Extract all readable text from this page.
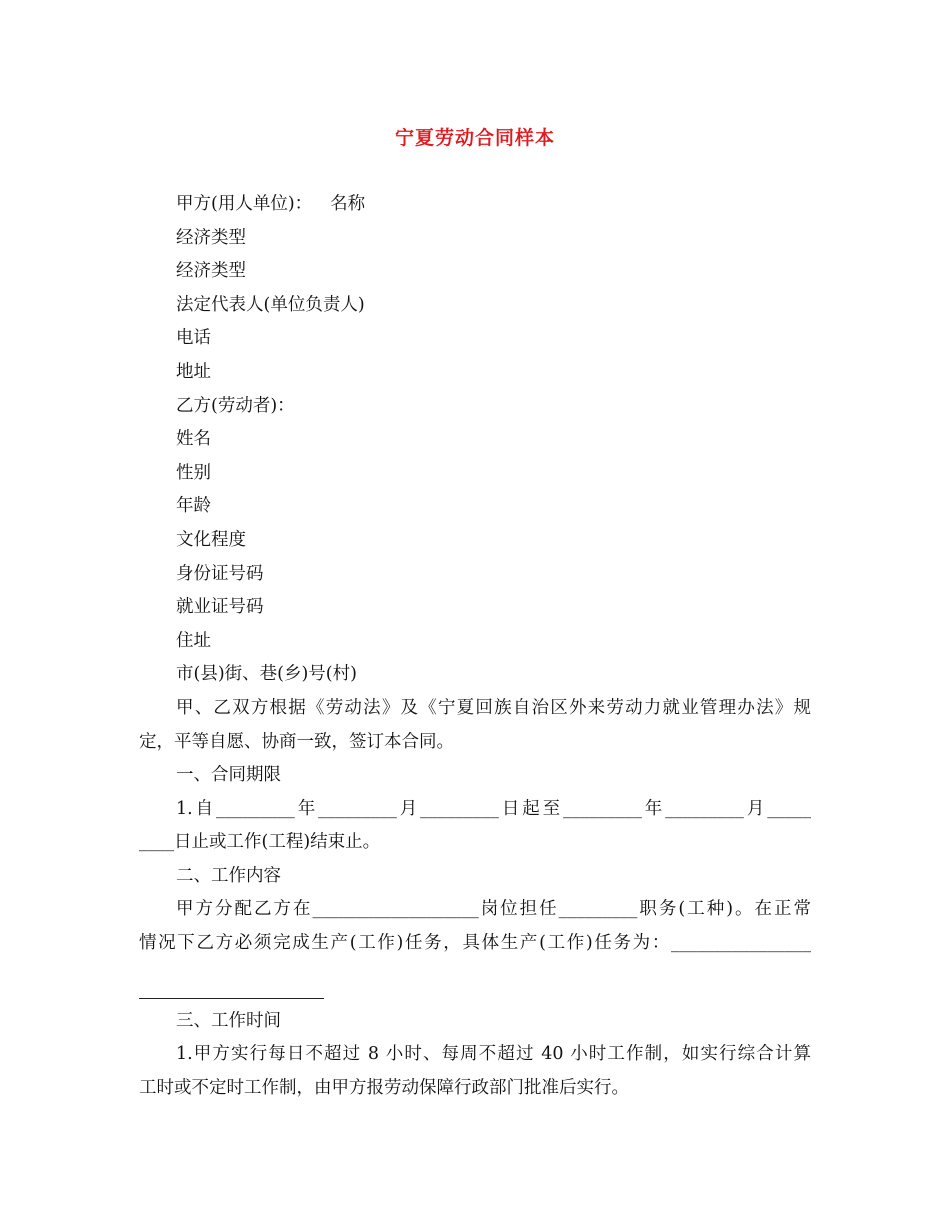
宁夏劳动合同样本
甲方(用人单位)： 名称
经济类型
经济类型
法定代表人(单位负责人)
电话
地址
乙方(劳动者)：
姓名
性别
年龄
文化程度
身份证号码
就业证号码
住址
市(县)街、巷(乡)号(村)
甲、乙双方根据《劳动法》及《宁夏回族自治区外来劳动力就业管理办法》规
定，平等自愿、协商一致，签订本合同。
一、合同期限
1.自_________年_________月_________日起至_________年_________月_____
____日止或工作(工程)结束止。
二、工作内容
甲方分配乙方在___________________岗位担任_________职务(工种)。在正常
情况下乙方必须完成生产(工作)任务，具体生产(工作)任务为：________________
三、工作时间
1.甲方实行每日不超过 8 小时、每周不超过 40 小时工作制，如实行综合计算
工时或不定时工作制，由甲方报劳动保障行政部门批准后实行。
